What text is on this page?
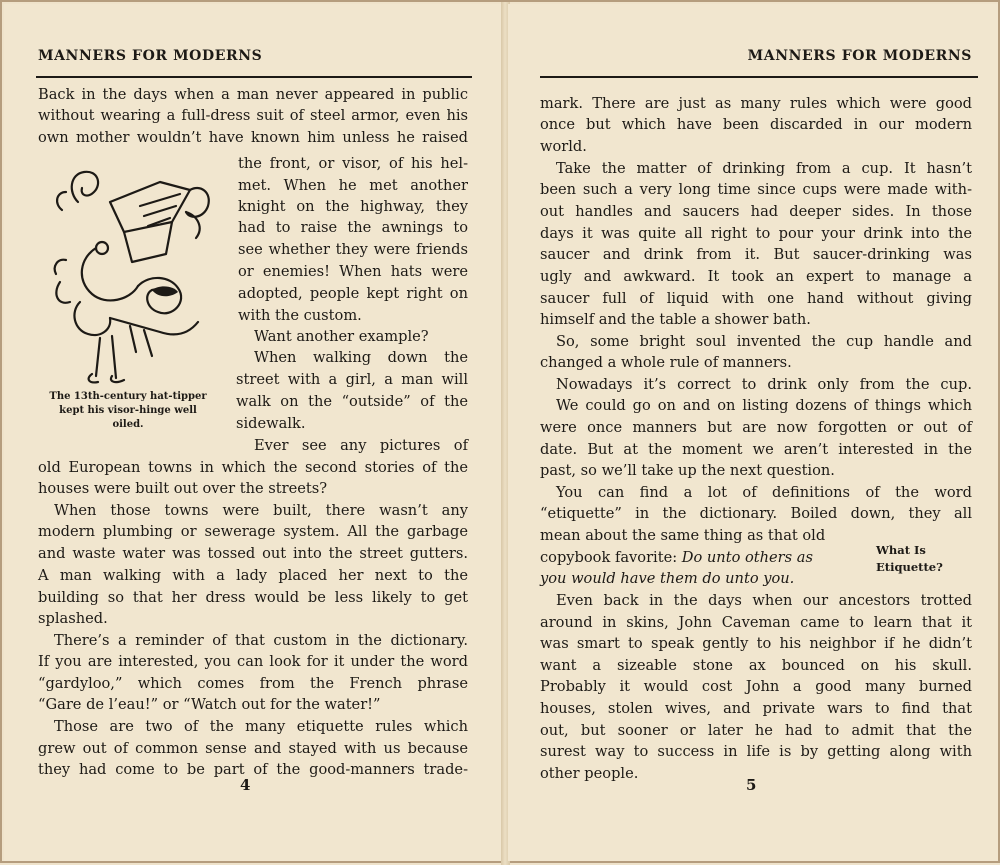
MANNERS FOR MODERNS
The 13th-century hat-tipper
kept his visor-hinge well
oiled.
Back in the days when a man never appeared in public
without wearing a full-dress suit of steel armor, even his
own mother wouldn’t have known him unless he raised
the front, or visor, of his hel-
met. When he met another
knight on the highway, they
had to raise the awnings to
see whether they were friends
or enemies! When hats were
adopted, people kept right on
with the custom.
Want another example?
When walking down the
street with a girl, a man will
walk on the “outside” of the
sidewalk.
Ever see any pictures of
old European towns in which the second stories of the
houses were built out over the streets?
When those towns were built, there wasn’t any
modern plumbing or sewerage system. All the garbage
and waste water was tossed out into the street gutters.
A man walking with a lady placed her next to the
building so that her dress would be less likely to get
splashed.
There’s a reminder of that custom in the dictionary.
If you are interested, you can look for it under the word
“gardyloo,” which comes from the French phrase
“Gare de l’eau!” or “Watch out for the water!”
Those are two of the many etiquette rules which
grew out of common sense and stayed with us because
they had come to be part of the good-manners trade-
4
MANNERS FOR MODERNS
mark. There are just as many rules which were good
once but which have been discarded in our modern
world.
Take the matter of drinking from a cup. It hasn’t
been such a very long time since cups were made with-
out handles and saucers had deeper sides. In those
days it was quite all right to pour your drink into the
saucer and drink from it. But saucer-drinking was
ugly and awkward. It took an expert to manage a
saucer full of liquid with one hand without giving
himself and the table a shower bath.
So, some bright soul invented the cup handle and
changed a whole rule of manners.
Nowadays it’s correct to drink only from the cup.
We could go on and on listing dozens of things which
were once manners but are now forgotten or out of
date. But at the moment we aren’t interested in the
past, so we’ll take up the next question.
You can find a lot of definitions of the word
“etiquette” in the dictionary. Boiled down, they all
mean about the same thing as that old
copybook favorite: Do unto others as
you would have them do unto you.
What Is
Etiquette?
Even back in the days when our ancestors trotted
around in skins, John Caveman came to learn that it
was smart to speak gently to his neighbor if he didn’t
want a sizeable stone ax bounced on his skull.
Probably it would cost John a good many burned
houses, stolen wives, and private wars to find that
out, but sooner or later he had to admit that the
surest way to success in life is by getting along with
other people.
5
